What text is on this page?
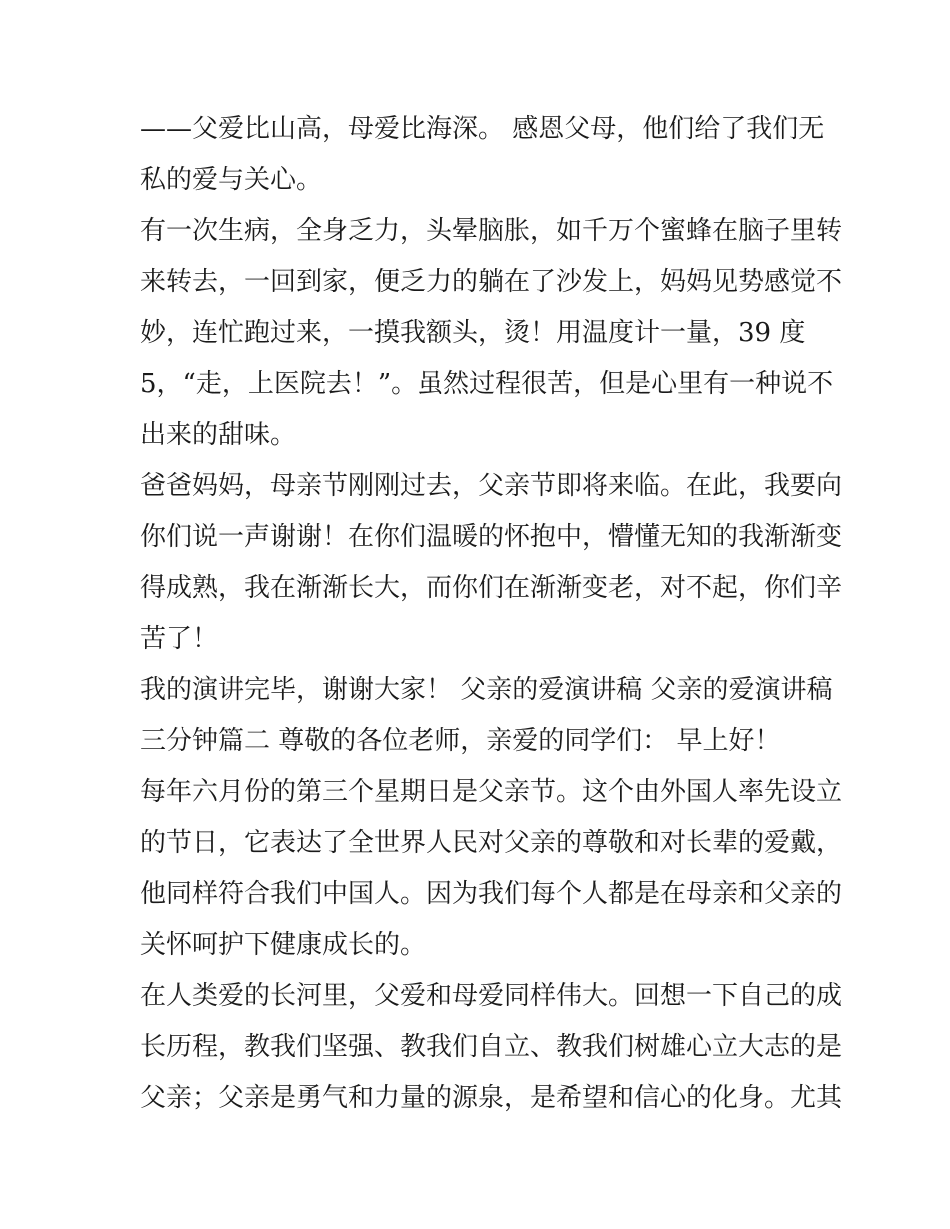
——父爱比山高，母爱比海深。 感恩父母，他们给了我们无
私的爱与关心。
有一次生病，全身乏力，头晕脑胀，如千万个蜜蜂在脑子里转
来转去，一回到家，便乏力的躺在了沙发上，妈妈见势感觉不
妙，连忙跑过来，一摸我额头，烫！用温度计一量，39 度
5，“走，上医院去！”。虽然过程很苦，但是心里有一种说不
出来的甜味。
爸爸妈妈，母亲节刚刚过去，父亲节即将来临。在此，我要向
你们说一声谢谢！在你们温暖的怀抱中，懵懂无知的我渐渐变
得成熟，我在渐渐长大，而你们在渐渐变老，对不起，你们辛
苦了！
我的演讲完毕，谢谢大家！ 父亲的爱演讲稿 父亲的爱演讲稿
三分钟篇二 尊敬的各位老师，亲爱的同学们： 早上好！
每年六月份的第三个星期日是父亲节。这个由外国人率先设立
的节日，它表达了全世界人民对父亲的尊敬和对长辈的爱戴，
他同样符合我们中国人。因为我们每个人都是在母亲和父亲的
关怀呵护下健康成长的。
在人类爱的长河里，父爱和母爱同样伟大。回想一下自己的成
长历程，教我们坚强、教我们自立、教我们树雄心立大志的是
父亲；父亲是勇气和力量的源泉，是希望和信心的化身。尤其
